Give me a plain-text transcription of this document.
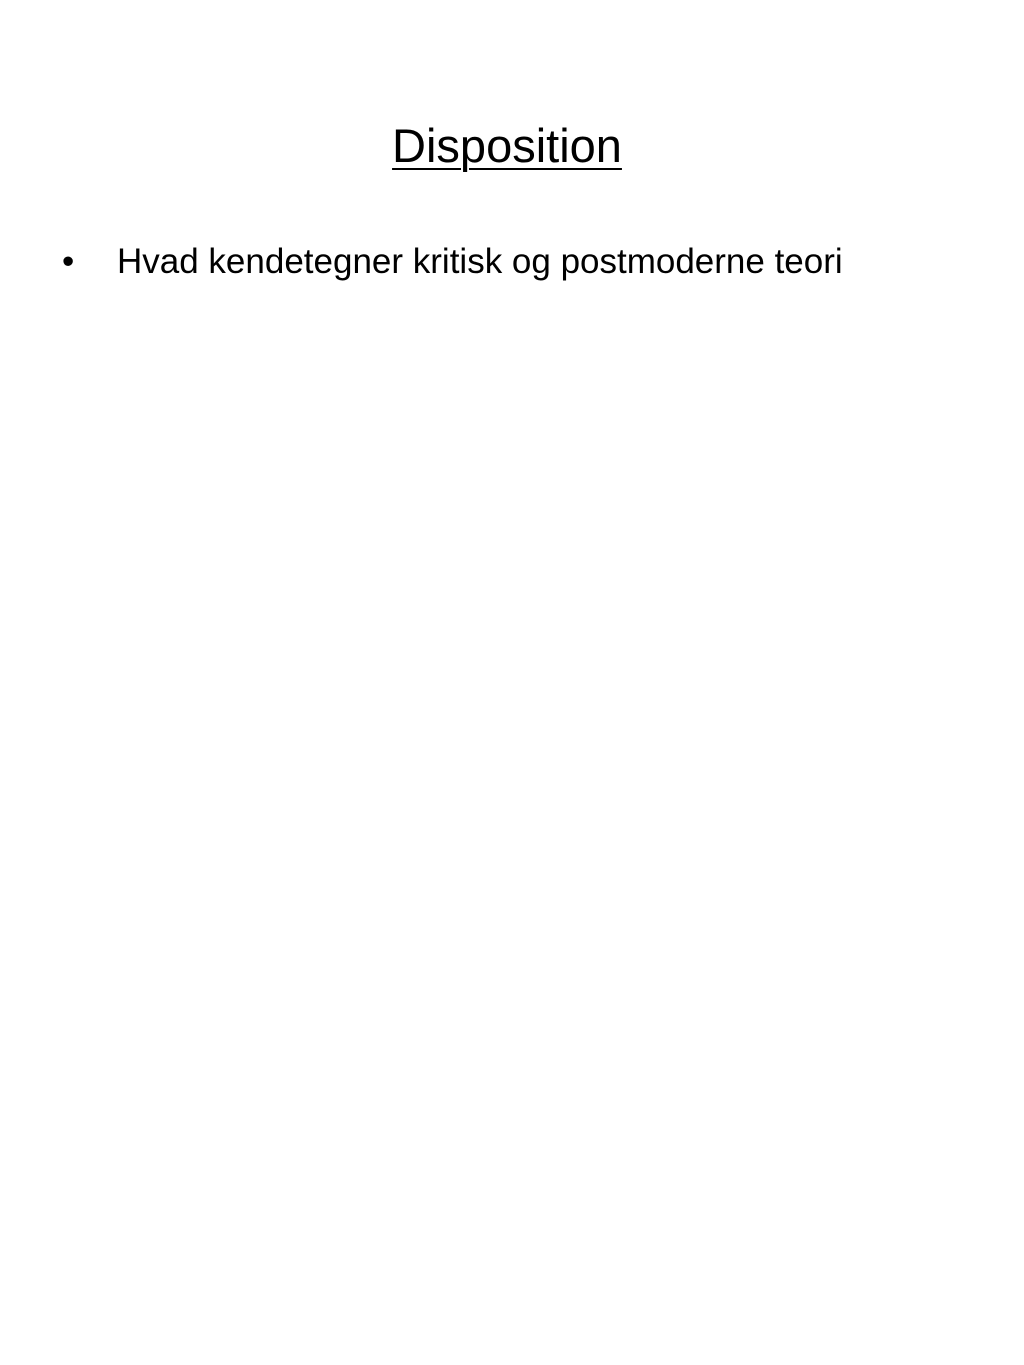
Disposition
•	Hvad kendetegner kritisk og postmoderne teori
